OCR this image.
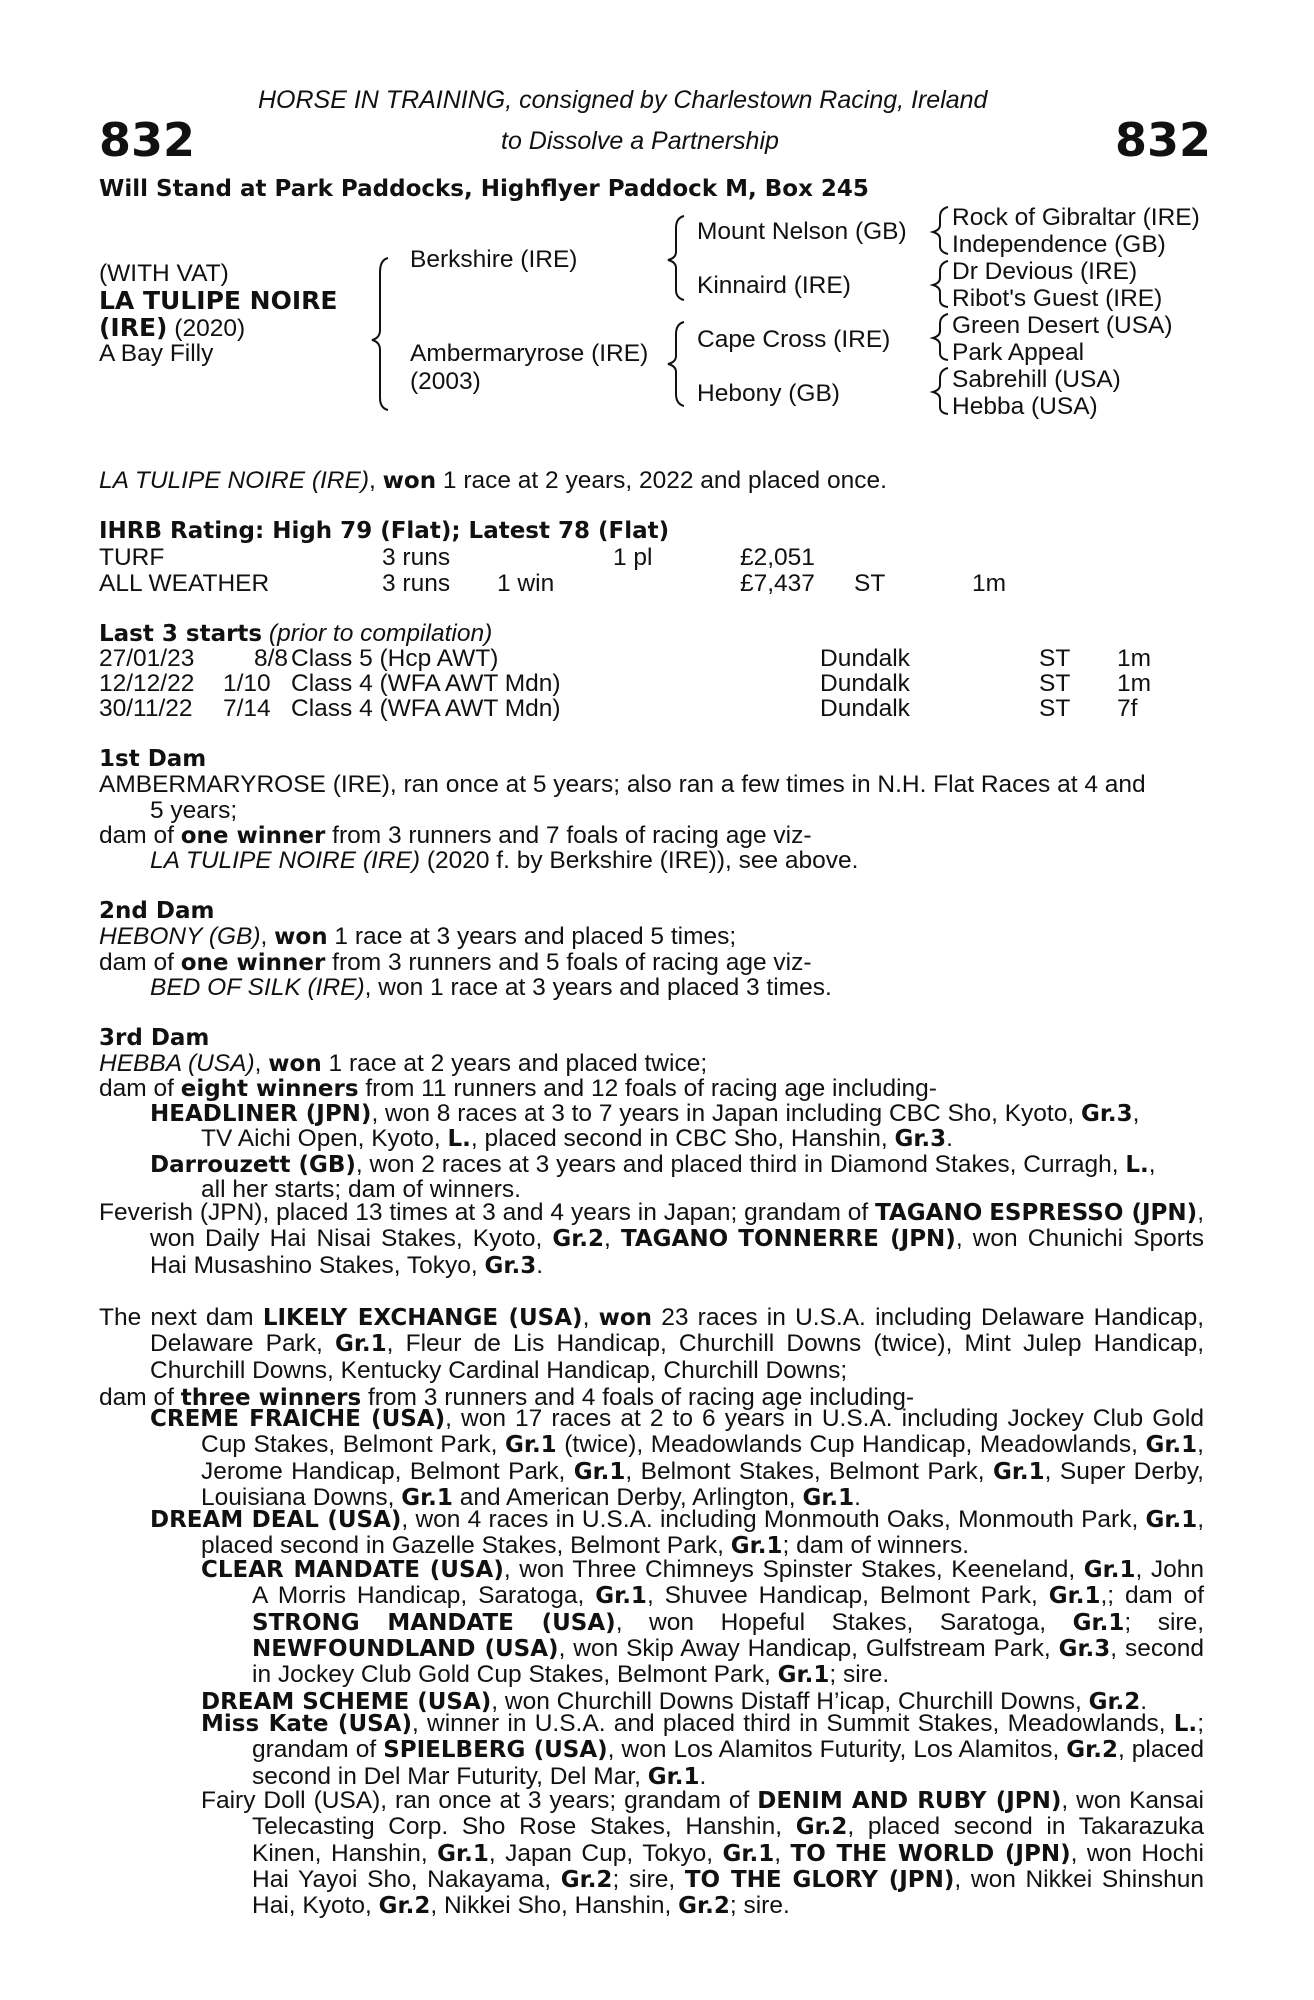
HORSE IN TRAINING, consigned by Charlestown Racing, Ireland
832	to Dissolve a Partnership	832
Will Stand at Park Paddocks, Highflyer Paddock M, Box 245
(WITH VAT)
LA TULIPE NOIRE
(IRE) (2020)
A Bay Filly
Berkshire (IRE)
Ambermaryrose (IRE)
(2003)
Mount Nelson (GB)
Kinnaird (IRE)
Cape Cross (IRE)
Hebony (GB)
Rock of Gibraltar (IRE)
Independence (GB)
Dr Devious (IRE)
Ribot's Guest (IRE)
Green Desert (USA)
Park Appeal
Sabrehill (USA)
Hebba (USA)
LA TULIPE NOIRE (IRE), won 1 race at 2 years, 2022 and placed once.
IHRB Rating: High 79 (Flat); Latest 78 (Flat)
TURF	3 runs	1 pl	£2,051
ALL WEATHER	3 runs 1 win	£7,437 ST	1m
Last 3 starts (prior to compilation)
27/01/23 8/8 Class 5 (Hcp AWT)	Dundalk	ST 1m
12/12/22 1/10 Class 4 (WFA AWT Mdn)	Dundalk	ST 1m
30/11/22 7/14 Class 4 (WFA AWT Mdn)	Dundalk	ST 7f
1st Dam
AMBERMARYROSE (IRE), ran once at 5 years; also ran a few times in N.H. Flat Races at 4 and
5 years;
dam of one winner from 3 runners and 7 foals of racing age viz-
LA TULIPE NOIRE (IRE) (2020 f. by Berkshire (IRE)), see above.
2nd Dam
HEBONY (GB), won 1 race at 3 years and placed 5 times;
dam of one winner from 3 runners and 5 foals of racing age viz-
BED OF SILK (IRE), won 1 race at 3 years and placed 3 times.
3rd Dam
HEBBA (USA), won 1 race at 2 years and placed twice;
dam of eight winners from 11 runners and 12 foals of racing age including-
HEADLINER (JPN), won 8 races at 3 to 7 years in Japan including CBC Sho, Kyoto, Gr.3,
TV Aichi Open, Kyoto, L., placed second in CBC Sho, Hanshin, Gr.3.
Darrouzett (GB), won 2 races at 3 years and placed third in Diamond Stakes, Curragh, L.,
all her starts; dam of winners.
Feverish (JPN), placed 13 times at 3 and 4 years in Japan; grandam of TAGANO ESPRESSO (JPN), won Daily Hai Nisai Stakes, Kyoto, Gr.2, TAGANO TONNERRE (JPN), won Chunichi Sports Hai Musashino Stakes, Tokyo, Gr.3.
The next dam LIKELY EXCHANGE (USA), won 23 races in U.S.A. including Delaware Handicap, Delaware Park, Gr.1, Fleur de Lis Handicap, Churchill Downs (twice), Mint Julep Handicap, Churchill Downs, Kentucky Cardinal Handicap, Churchill Downs;
dam of three winners from 3 runners and 4 foals of racing age including-
CREME FRAICHE (USA), won 17 races at 2 to 6 years in U.S.A. including Jockey Club Gold Cup Stakes, Belmont Park, Gr.1 (twice), Meadowlands Cup Handicap, Meadowlands, Gr.1, Jerome Handicap, Belmont Park, Gr.1, Belmont Stakes, Belmont Park, Gr.1, Super Derby, Louisiana Downs, Gr.1 and American Derby, Arlington, Gr.1.
DREAM DEAL (USA), won 4 races in U.S.A. including Monmouth Oaks, Monmouth Park, Gr.1, placed second in Gazelle Stakes, Belmont Park, Gr.1; dam of winners.
CLEAR MANDATE (USA), won Three Chimneys Spinster Stakes, Keeneland, Gr.1, John A Morris Handicap, Saratoga, Gr.1, Shuvee Handicap, Belmont Park, Gr.1,; dam of STRONG MANDATE (USA), won Hopeful Stakes, Saratoga, Gr.1; sire, NEWFOUNDLAND (USA), won Skip Away Handicap, Gulfstream Park, Gr.3, second in Jockey Club Gold Cup Stakes, Belmont Park, Gr.1; sire.
DREAM SCHEME (USA), won Churchill Downs Distaff H’icap, Churchill Downs, Gr.2.
Miss Kate (USA), winner in U.S.A. and placed third in Summit Stakes, Meadowlands, L.; grandam of SPIELBERG (USA), won Los Alamitos Futurity, Los Alamitos, Gr.2, placed second in Del Mar Futurity, Del Mar, Gr.1.
Fairy Doll (USA), ran once at 3 years; grandam of DENIM AND RUBY (JPN), won Kansai Telecasting Corp. Sho Rose Stakes, Hanshin, Gr.2, placed second in Takarazuka Kinen, Hanshin, Gr.1, Japan Cup, Tokyo, Gr.1, TO THE WORLD (JPN), won Hochi Hai Yayoi Sho, Nakayama, Gr.2; sire, TO THE GLORY (JPN), won Nikkei Shinshun Hai, Kyoto, Gr.2, Nikkei Sho, Hanshin, Gr.2; sire.
